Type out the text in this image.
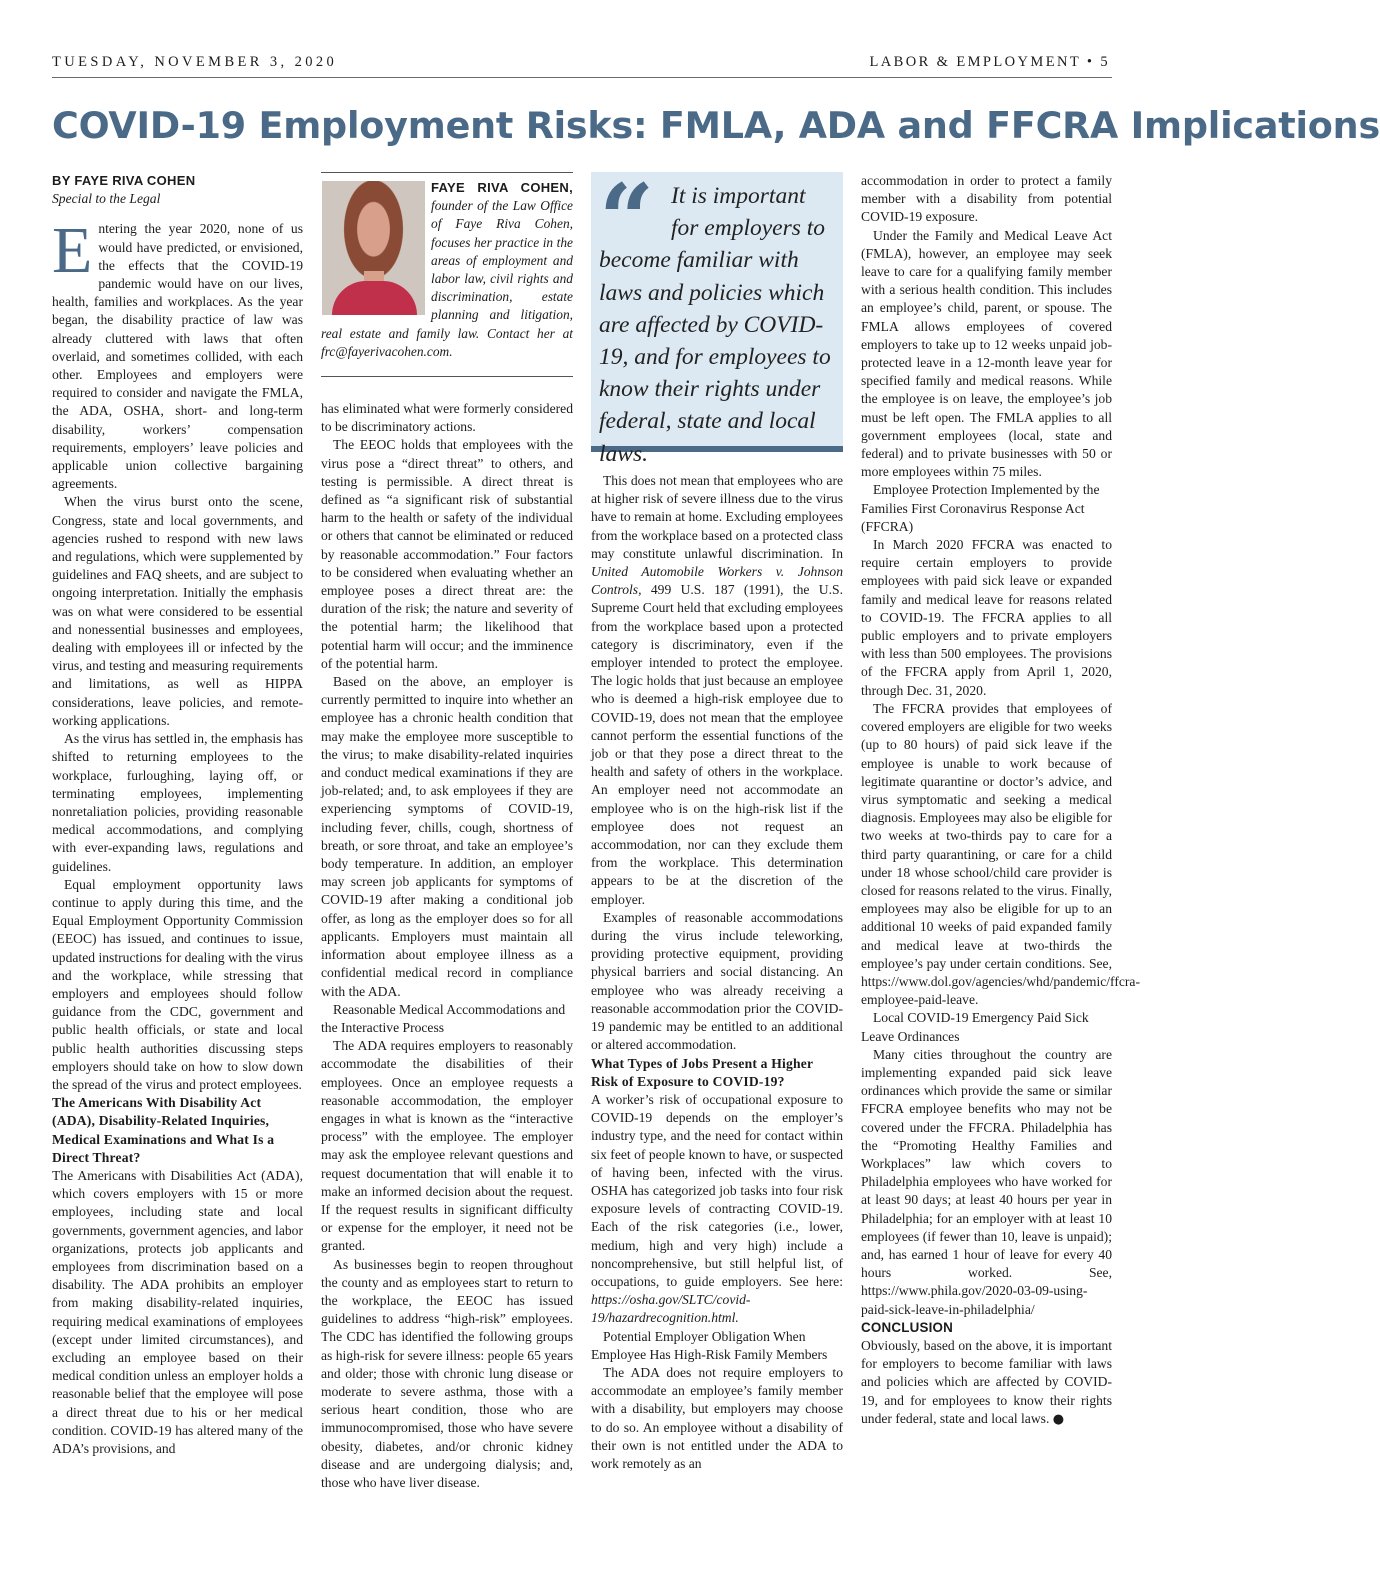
TUESDAY, NOVEMBER 3, 2020	LABOR & EMPLOYMENT • 5
COVID-19 Employment Risks: FMLA, ADA and FFCRA Implications
BY FAYE RIVA COHEN
Special to the Legal

Entering the year 2020, none of us would have predicted, or envisioned, the effects that the COVID-19 pandemic would have on our lives, health, families and workplaces. As the year began, the disability practice of law was already cluttered with laws that often overlaid, and sometimes collided, with each other. Employees and employers were required to consider and navigate the FMLA, the ADA, OSHA, short- and long-term disability, workers’ compensation requirements, employers’ leave policies and applicable union collective bargaining agreements.

When the virus burst onto the scene, Congress, state and local governments, and agencies rushed to respond with new laws and regulations, which were supplemented by guidelines and FAQ sheets, and are subject to ongoing interpretation. Initially the emphasis was on what were considered to be essential and nonessential businesses and employees, dealing with employees ill or infected by the virus, and testing and measuring requirements and limitations, as well as HIPPA considerations, leave policies, and remote-working applications.

As the virus has settled in, the emphasis has shifted to returning employees to the workplace, furloughing, laying off, or terminating employees, implementing nonretaliation policies, providing reasonable medical accommodations, and complying with ever-expanding laws, regulations and guidelines.

Equal employment opportunity laws continue to apply during this time, and the Equal Employment Opportunity Commission (EEOC) has issued, and continues to issue, updated instructions for dealing with the virus and the workplace, while stressing that employers and employees should follow guidance from the CDC, government and public health officials, or state and local public health authorities discussing steps employers should take on how to slow down the spread of the virus and protect employees.

The Americans With Disability Act (ADA), Disability-Related Inquiries, Medical Examinations and What Is a Direct Threat?

The Americans with Disabilities Act (ADA), which covers employers with 15 or more employees, including state and local governments, government agencies, and labor organizations, protects job applicants and employees from discrimination based on a disability. The ADA prohibits an employer from making disability-related inquiries, requiring medical examinations of employees (except under limited circumstances), and excluding an employee based on their medical condition unless an employer holds a reasonable belief that the employee will pose a direct threat due to his or her medical condition. COVID-19 has altered many of the ADA’s provisions, and

FAYE RIVA COHEN, founder of the Law Office of Faye Riva Cohen, focuses her practice in the areas of employment and labor law, civil rights and discrimination, estate planning and litigation, real estate and family law. Contact her at frc@fayerivacohen.com.

has eliminated what were formerly considered to be discriminatory actions.

The EEOC holds that employees with the virus pose a “direct threat” to others, and testing is permissible. A direct threat is defined as “a significant risk of substantial harm to the health or safety of the individual or others that cannot be eliminated or reduced by reasonable accommodation.” Four factors to be considered when evaluating whether an employee poses a direct threat are: the duration of the risk; the nature and severity of the potential harm; the likelihood that potential harm will occur; and the imminence of the potential harm.

Based on the above, an employer is currently permitted to inquire into whether an employee has a chronic health condition that may make the employee more susceptible to the virus; to make disability-related inquiries and conduct medical examinations if they are job-related; and, to ask employees if they are experiencing symptoms of COVID-19, including fever, chills, cough, shortness of breath, or sore throat, and take an employee’s body temperature. In addition, an employer may screen job applicants for symptoms of COVID-19 after making a conditional job offer, as long as the employer does so for all applicants. Employers must maintain all information about employee illness as a confidential medical record in compliance with the ADA.

Reasonable Medical Accommodations and the Interactive Process

The ADA requires employers to reasonably accommodate the disabilities of their employees. Once an employee requests a reasonable accommodation, the employer engages in what is known as the “interactive process” with the employee. The employer may ask the employee relevant questions and request documentation that will enable it to make an informed decision about the request. If the request results in significant difficulty or expense for the employer, it need not be granted.

As businesses begin to reopen throughout the county and as employees start to return to the workplace, the EEOC has issued guidelines to address “high-risk” employees. The CDC has identified the following groups as high-risk for severe illness: people 65 years and older; those with chronic lung disease or moderate to severe asthma, those with a serious heart condition, those who are immunocompromised, those who have severe obesity, diabetes, and/or chronic kidney disease and are undergoing dialysis; and, those who have liver disease.

“ It is important for employers to
become familiar with laws and policies which are affected by COVID-19, and for employees to know their rights under federal, state and local laws.

This does not mean that employees who are at higher risk of severe illness due to the virus have to remain at home. Excluding employees from the workplace based on a protected class may constitute unlawful discrimination. In United Automobile Workers v. Johnson Controls, 499 U.S. 187 (1991), the U.S. Supreme Court held that excluding employees from the workplace based upon a protected category is discriminatory, even if the employer intended to protect the employee. The logic holds that just because an employee who is deemed a high-risk employee due to COVID-19, does not mean that the employee cannot perform the essential functions of the job or that they pose a direct threat to the health and safety of others in the workplace. An employer need not accommodate an employee who is on the high-risk list if the employee does not request an accommodation, nor can they exclude them from the workplace. This determination appears to be at the discretion of the employer.

Examples of reasonable accommodations during the virus include teleworking, providing protective equipment, providing physical barriers and social distancing. An employee who was already receiving a reasonable accommodation prior the COVID-19 pandemic may be entitled to an additional or altered accommodation.

What Types of Jobs Present a Higher Risk of Exposure to COVID-19?

A worker’s risk of occupational exposure to COVID-19 depends on the employer’s industry type, and the need for contact within six feet of people known to have, or suspected of having been, infected with the virus. OSHA has categorized job tasks into four risk exposure levels of contracting COVID-19. Each of the risk categories (i.e., lower, medium, high and very high) include a noncomprehensive, but still helpful list, of occupations, to guide employers. See here: https://osha.gov/SLTC/covid-19/hazardrecognition.html.

Potential Employer Obligation When Employee Has High-Risk Family Members

The ADA does not require employers to accommodate an employee’s family member with a disability, but employers may choose to do so. An employee without a disability of their own is not entitled under the ADA to work remotely as an

accommodation in order to protect a family member with a disability from potential COVID-19 exposure.

Under the Family and Medical Leave Act (FMLA), however, an employee may seek leave to care for a qualifying family member with a serious health condition. This includes an employee’s child, parent, or spouse. The FMLA allows employees of covered employers to take up to 12 weeks unpaid job-protected leave in a 12-month leave year for specified family and medical reasons. While the employee is on leave, the employee’s job must be left open. The FMLA applies to all government employees (local, state and federal) and to private businesses with 50 or more employees within 75 miles.

Employee Protection Implemented by the Families First Coronavirus Response Act (FFCRA)

In March 2020 FFCRA was enacted to require certain employers to provide employees with paid sick leave or expanded family and medical leave for reasons related to COVID-19. The FFCRA applies to all public employers and to private employers with less than 500 employees. The provisions of the FFCRA apply from April 1, 2020, through Dec. 31, 2020.

The FFCRA provides that employees of covered employers are eligible for two weeks (up to 80 hours) of paid sick leave if the employee is unable to work because of legitimate quarantine or doctor’s advice, and virus symptomatic and seeking a medical diagnosis. Employees may also be eligible for two weeks at two-thirds pay to care for a third party quarantining, or care for a child under 18 whose school/child care provider is closed for reasons related to the virus. Finally, employees may also be eligible for up to an additional 10 weeks of paid expanded family and medical leave at two-thirds the employee’s pay under certain conditions. See, https://www.dol.gov/agencies/whd/pandemic/ffcra-employee-paid-leave.

Local COVID-19 Emergency Paid Sick Leave Ordinances

Many cities throughout the country are implementing expanded paid sick leave ordinances which provide the same or similar FFCRA employee benefits who may not be covered under the FFCRA. Philadelphia has the “Promoting Healthy Families and Workplaces” law which covers to Philadelphia employees who have worked for at least 90 days; at least 40 hours per year in Philadelphia; for an employer with at least 10 employees (if fewer than 10, leave is unpaid); and, has earned 1 hour of leave for every 40 hours worked. See, https://www.phila.gov/2020-03-09-using-paid-sick-leave-in-philadelphia/

CONCLUSION

Obviously, based on the above, it is important for employers to become familiar with laws and policies which are affected by COVID-19, and for employees to know their rights under federal, state and local laws. ●
